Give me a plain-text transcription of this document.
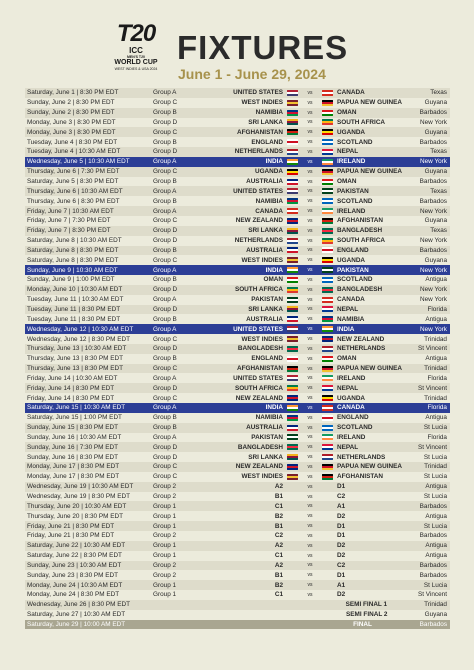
T20
ICC
MEN'S T20
WORLD CUP
WEST INDIES & USA 2024
FIXTURES
June 1 - June 29, 2024
Saturday, June 1 | 8:30 PM EDT	Group A	UNITED STATES	vs	CANADA	Texas
Sunday, June 2 | 8:30 PM EDT	Group C	WEST INDIES	vs	PAPUA NEW GUINEA	Guyana
Sunday, June 2 | 8:30 PM EDT	Group B	NAMIBIA	vs	OMAN	Barbados
Monday, June 3 | 8:30 PM EDT	Group D	SRI LANKA	vs	SOUTH AFRICA	New York
Monday, June 3 | 8:30 PM EDT	Group C	AFGHANISTAN	vs	UGANDA	Guyana
Tuesday, June 4 | 8:30 PM EDT	Group B	ENGLAND	vs	SCOTLAND	Barbados
Tuesday, June 4 | 10:30 AM EDT	Group D	NETHERLANDS	vs	NEPAL	Texas
Wednesday, June 5 | 10:30 AM EDT	Group A	INDIA	vs	IRELAND	New York
Thursday, June 6 | 7:30 PM EDT	Group C	UGANDA	vs	PAPUA NEW GUINEA	Guyana
Saturday, June 5 | 8:30 PM EDT	Group B	AUSTRALIA	vs	OMAN	Barbados
Thursday, June 6 | 10:30 AM EDT	Group A	UNITED STATES	vs	PAKISTAN	Texas
Thursday, June 6 | 8:30 PM EDT	Group B	NAMIBIA	vs	SCOTLAND	Barbados
Friday, June 7 | 10:30 AM EDT	Group A	CANADA	vs	IRELAND	New York
Friday, June 7 | 7:30 PM EDT	Group C	NEW ZEALAND	vs	AFGHANISTAN	Guyana
Friday, June 7 | 8:30 PM EDT	Group D	SRI LANKA	vs	BANGLADESH	Texas
Saturday, June 8 | 10:30 AM EDT	Group D	NETHERLANDS	vs	SOUTH AFRICA	New York
Saturday, June 8 | 8:30 PM EDT	Group B	AUSTRALIA	vs	ENGLAND	Barbados
Saturday, June 8 | 8:30 PM EDT	Group C	WEST INDIES	vs	UGANDA	Guyana
Sunday, June 9 | 10:30 AM EDT	Group A	INDIA	vs	PAKISTAN	New York
Sunday, June 9 | 1:00 PM EDT	Group B	OMAN	vs	SCOTLAND	Antigua
Monday, June 10 | 10:30 AM EDT	Group D	SOUTH AFRICA	vs	BANGLADESH	New York
Tuesday, June 11 | 10:30 AM EDT	Group A	PAKISTAN	vs	CANADA	New York
Tuesday, June 11 | 8:30 PM EDT	Group D	SRI LANKA	vs	NEPAL	Florida
Tuesday, June 11 | 8:30 PM EDT	Group B	AUSTRALIA	vs	NAMIBIA	Antigua
Wednesday, June 12 | 10:30 AM EDT	Group A	UNITED STATES	vs	INDIA	New York
Wednesday, June 12 | 8:30 PM EDT	Group C	WEST INDIES	vs	NEW ZEALAND	Trinidad
Thursday, June 13 | 10:30 AM EDT	Group D	BANGLADESH	vs	NETHERLANDS	St Vincent
Thursday, June 13 | 8:30 PM EDT	Group B	ENGLAND	vs	OMAN	Antigua
Thursday, June 13 | 8:30 PM EDT	Group C	AFGHANISTAN	vs	PAPUA NEW GUINEA	Trinidad
Friday, June 14 | 10:30 AM EDT	Group A	UNITED STATES	vs	IRELAND	Florida
Friday, June 14 | 8:30 PM EDT	Group D	SOUTH AFRICA	vs	NEPAL	St Vincent
Friday, June 14 | 8:30 PM EDT	Group C	NEW ZEALAND	vs	UGANDA	Trinidad
Saturday, June 15 | 10:30 AM EDT	Group A	INDIA	vs	CANADA	Florida
Saturday, June 15 | 1:00 PM EDT	Group B	NAMIBIA	vs	ENGLAND	Antigua
Sunday, June 15 | 8:30 PM EDT	Group B	AUSTRALIA	vs	SCOTLAND	St Lucia
Sunday, June 16 | 10:30 AM EDT	Group A	PAKISTAN	vs	IRELAND	Florida
Sunday, June 16 | 7:30 PM EDT	Group D	BANGLADESH	vs	NEPAL	St Vincent
Sunday, June 16 | 8:30 PM EDT	Group D	SRI LANKA	vs	NETHERLANDS	St Lucia
Monday, June 17 | 8:30 PM EDT	Group C	NEW ZEALAND	vs	PAPUA NEW GUINEA	Trinidad
Monday, June 17 | 8:30 PM EDT	Group C	WEST INDIES	vs	AFGHANISTAN	St Lucia
Wednesday, June 19 | 10:30 AM EDT	Group 2	A2	vs	D1	Antigua
Wednesday, June 19 | 8:30 PM EDT	Group 2	B1	vs	C2	St Lucia
Thursday, June 20 | 10:30 AM EDT	Group 1	C1	vs	A1	Barbados
Thursday, June 20 | 8:30 PM EDT	Group 1	B2	vs	D2	Antigua
Friday, June 21 | 8:30 PM EDT	Group 1	B1	vs	D1	St Lucia
Friday, June 21 | 8:30 PM EDT	Group 2	C2	vs	D1	Barbados
Saturday, June 22 | 10:30 AM EDT	Group 1	A2	vs	D2	Antigua
Saturday, June 22 | 8:30 PM EDT	Group 1	C1	vs	D2	Antigua
Sunday, June 23 | 10:30 AM EDT	Group 2	A2	vs	C2	Barbados
Sunday, June 23 | 8:30 PM EDT	Group 2	B1	vs	D1	Barbados
Monday, June 24 | 10:30 AM EDT	Group 1	B2	vs	A1	St Lucia
Monday, June 24 | 8:30 PM EDT	Group 1	C1	vs	D2	St Vincent
Wednesday, June 26 | 8:30 PM EDT	SEMI FINAL 1	Trinidad
Saturday, June 27 | 10:30 AM EDT	SEMI FINAL 2	Guyana
Saturday, June 29 | 10:00 AM EDT	FINAL	Barbados
